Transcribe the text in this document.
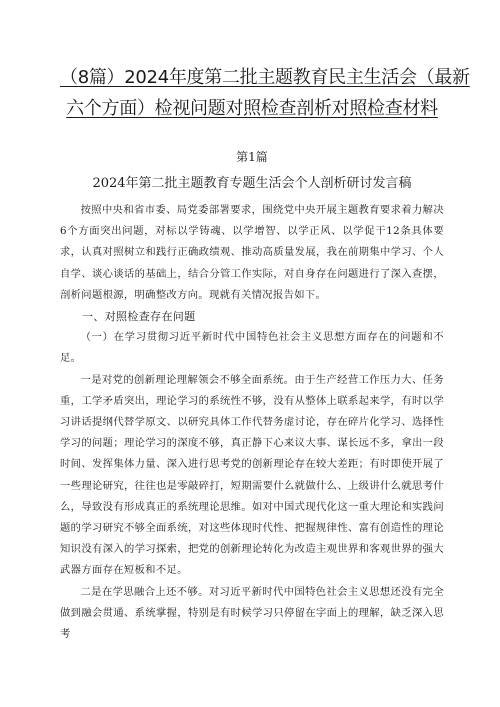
（8篇）2024年度第二批主题教育民主生活会（最新
六个方面）检视问题对照检查剖析对照检查材料
第1篇
2024年第二批主题教育专题生活会个人剖析研讨发言稿

按照中央和省市委、局党委部署要求，围绕党中央开展主题教育要求着力解决6个方面突出问题，对标以学铸魂、以学增智、以学正风、以学促干12条具体要求，认真对照树立和践行正确政绩观、推动高质量发展，我在前期集中学习、个人自学、谈心谈话的基础上，结合分管工作实际，对自身存在问题进行了深入查摆，剖析问题根源，明确整改方向。现就有关情况报告如下。

一、对照检查存在问题

（一）在学习贯彻习近平新时代中国特色社会主义思想方面存在的问题和不足。

一是对党的创新理论理解领会不够全面系统。由于生产经营工作压力大、任务重，工学矛盾突出，理论学习的系统性不够，没有从整体上联系起来学，有时以学习讲话提纲代替学原文、以研究具体工作代替务虚讨论，存在碎片化学习、选择性学习的问题；理论学习的深度不够，真正静下心来议大事、谋长远不多，拿出一段时间、发挥集体力量、深入进行思考党的创新理论存在较大差距；有时即使开展了一些理论研究，往往也是零敲碎打，短期需要什么就做什么、上级讲什么就思考什么，导致没有形成真正的系统理论思维。如对中国式现代化这一重大理论和实践问题的学习研究不够全面系统，对这些体现时代性、把握规律性、富有创造性的理论知识没有深入的学习探索，把党的创新理论转化为改造主观世界和客观世界的强大武器方面存在短板和不足。

二是在学思融合上还不够。对习近平新时代中国特色社会主义思想还没有完全做到融会贯通、系统掌握，特别是有时候学习只停留在字面上的理解，缺乏深入思考
